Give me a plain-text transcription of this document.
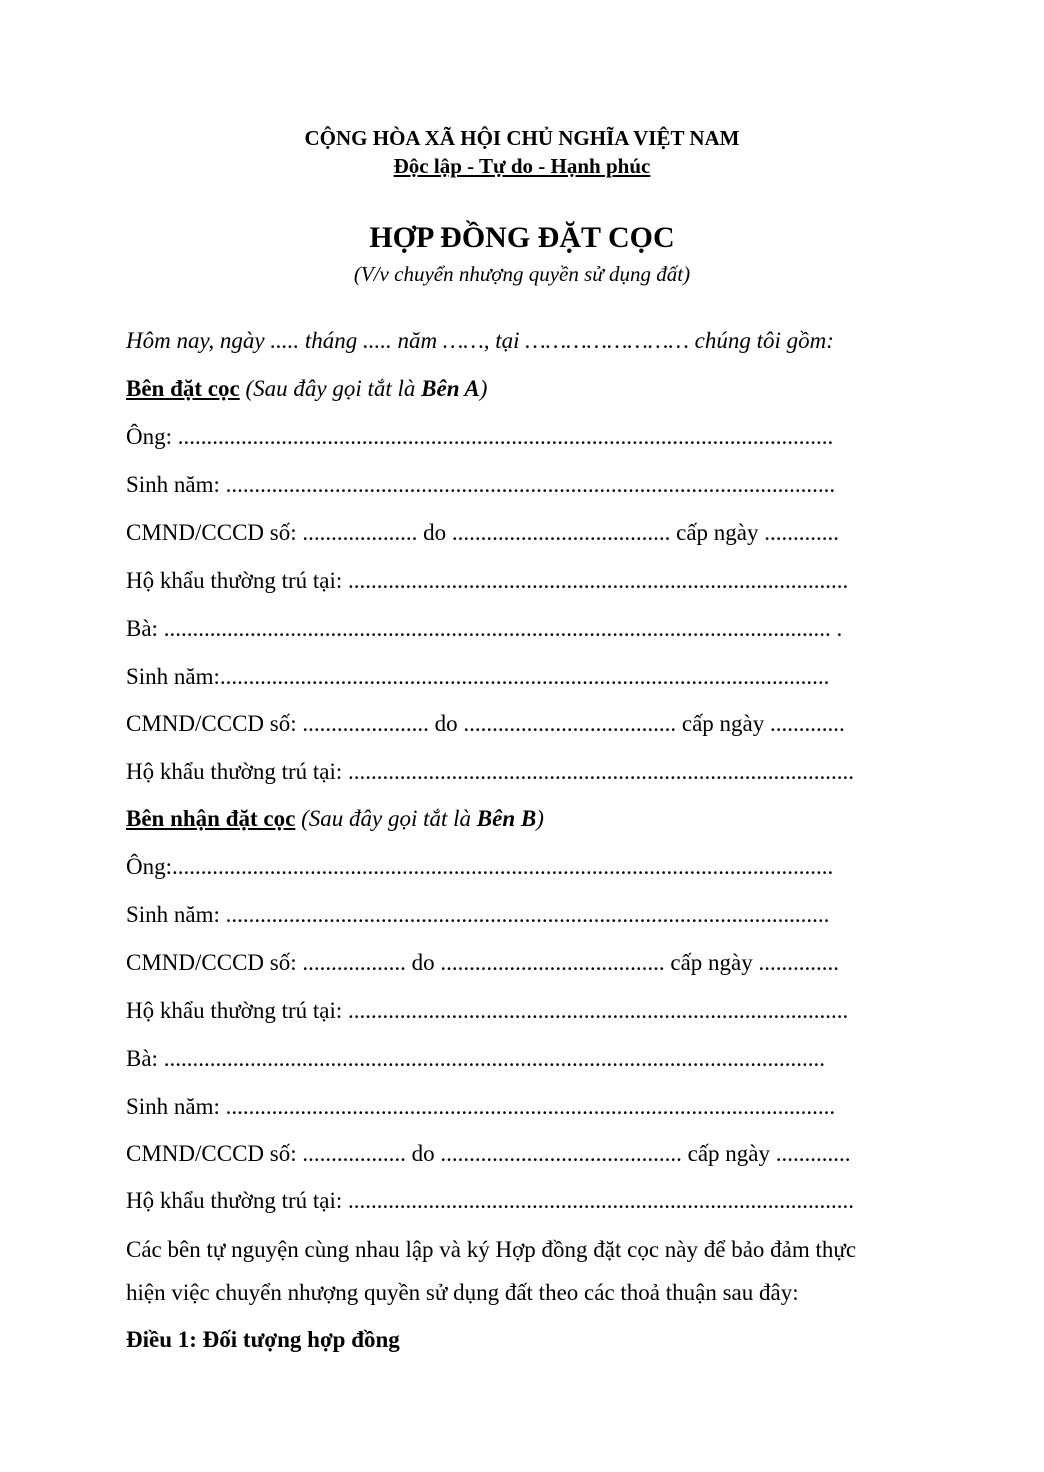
CỘNG HÒA XÃ HỘI CHỦ NGHĨA VIỆT NAM
Độc lập - Tự do - Hạnh phúc
HỢP ĐỒNG ĐẶT CỌC
(V/v chuyển nhượng quyền sử dụng đất)
Hôm nay, ngày ..... tháng ..... năm ……, tại …………………… chúng tôi gồm:
Bên đặt cọc (Sau đây gọi tắt là Bên A)
Ông: ..................................................................................................................
Sinh năm: ..........................................................................................................
CMND/CCCD số: .................... do ...................................... cấp ngày .............
Hộ khẩu thường trú tại: .......................................................................................
Bà: .................................................................................................................... .
Sinh năm:..........................................................................................................
CMND/CCCD số: ...................... do ..................................... cấp ngày .............
Hộ khẩu thường trú tại: ........................................................................................
Bên nhận đặt cọc (Sau đây gọi tắt là Bên B)
Ông:...................................................................................................................
Sinh năm: .........................................................................................................
CMND/CCCD số: .................. do ....................................... cấp ngày ..............
Hộ khẩu thường trú tại: .......................................................................................
Bà: ...................................................................................................................
Sinh năm: ..........................................................................................................
CMND/CCCD số: .................. do .......................................... cấp ngày .............
Hộ khẩu thường trú tại: ........................................................................................
Các bên tự nguyện cùng nhau lập và ký Hợp đồng đặt cọc này để bảo đảm thực
hiện việc chuyển nhượng quyền sử dụng đất theo các thoả thuận sau đây:
Điều 1: Đối tượng hợp đồng
